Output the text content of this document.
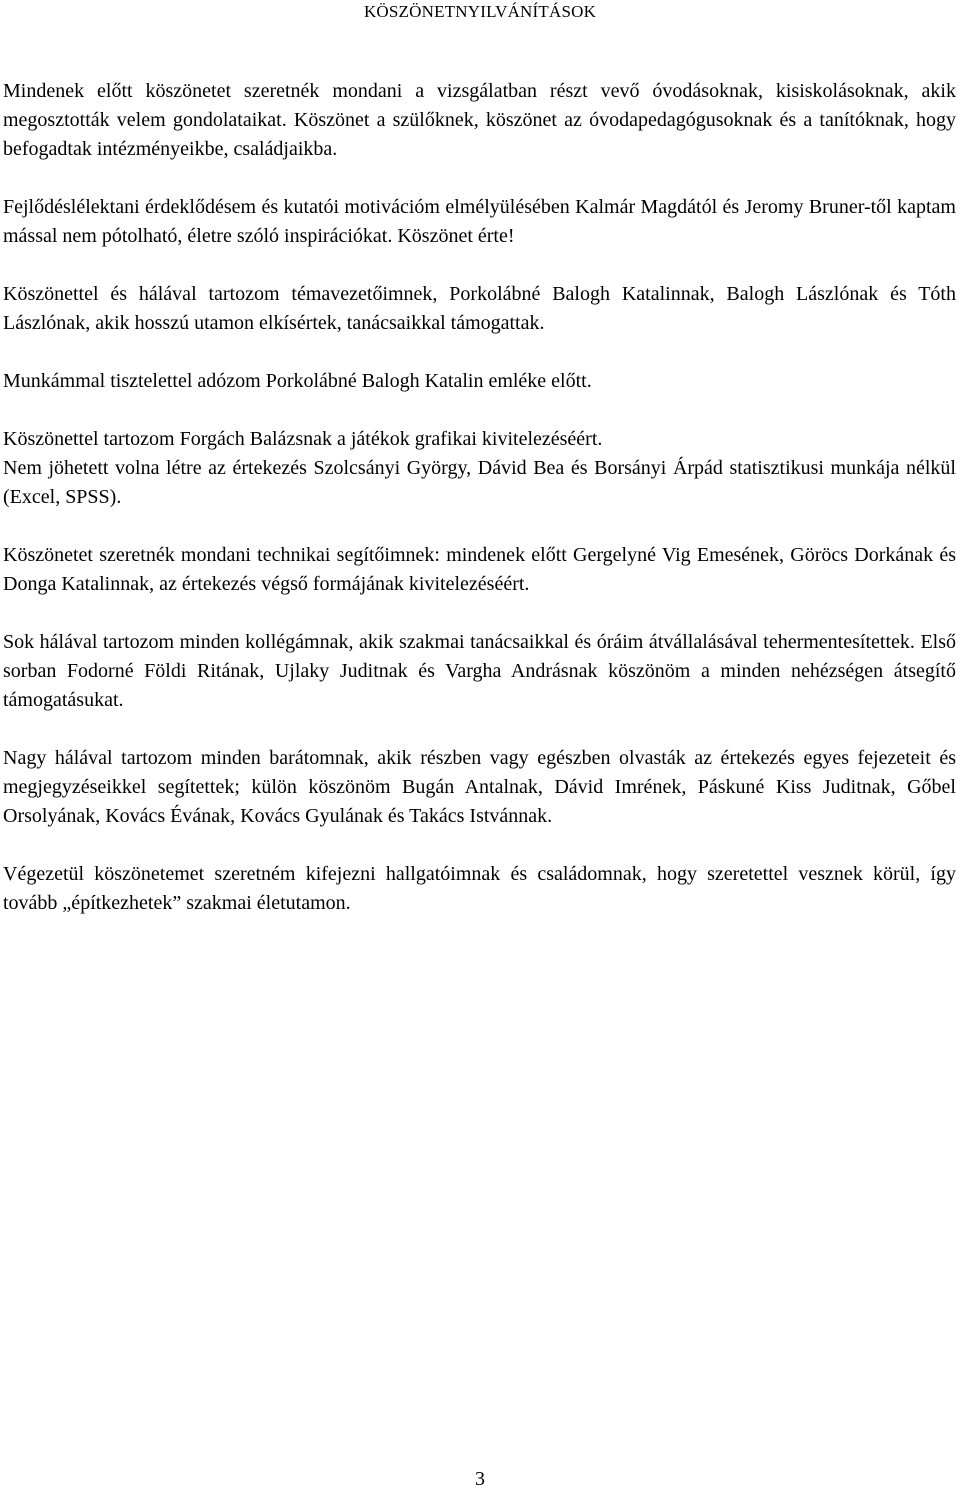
KÖSZÖNETNYILVÁNÍTÁSOK

Mindenek előtt köszönetet szeretnék mondani a vizsgálatban részt vevő óvodásoknak, kisiskolásoknak, akik megosztották velem gondolataikat. Köszönet a szülőknek, köszönet az óvodapedagógusoknak és a tanítóknak, hogy befogadtak intézményeikbe, családjaikba.

Fejlődéslélektani érdeklődésem és kutatói motivációm elmélyülésében Kalmár Magdától és Jeromy Bruner-től kaptam mással nem pótolható, életre szóló inspirációkat. Köszönet érte!

Köszönettel és hálával tartozom témavezetőimnek, Porkolábné Balogh Katalinnak, Balogh Lászlónak és Tóth Lászlónak, akik hosszú utamon elkísértek, tanácsaikkal támogattak.

Munkámmal tisztelettel adózom Porkolábné Balogh Katalin emléke előtt.

Köszönettel tartozom Forgách Balázsnak a játékok grafikai kivitelezéséért.

Nem jöhetett volna létre az értekezés Szolcsányi György, Dávid Bea és Borsányi Árpád statisztikusi munkája nélkül (Excel, SPSS).

Köszönetet szeretnék mondani technikai segítőimnek: mindenek előtt Gergelyné Vig Emesének, Göröcs Dorkának és Donga Katalinnak, az értekezés végső formájának kivitelezéséért.

Sok hálával tartozom minden kollégámnak, akik szakmai tanácsaikkal és óráim átvállalásával tehermentesítettek. Első sorban Fodorné Földi Ritának, Ujlaky Juditnak és Vargha Andrásnak köszönöm a minden nehézségen átsegítő támogatásukat.

Nagy hálával tartozom minden barátomnak, akik részben vagy egészben olvasták az értekezés egyes fejezeteit és megjegyzéseikkel segítettek; külön köszönöm Bugán Antalnak, Dávid Imrének, Páskuné Kiss Juditnak, Gőbel Orsolyának, Kovács Évának, Kovács Gyulának és Takács Istvánnak.

Végezetül köszönetemet szeretném kifejezni hallgatóimnak és családomnak, hogy szeretettel vesznek körül, így tovább „építkezhetek” szakmai életutamon.

3
